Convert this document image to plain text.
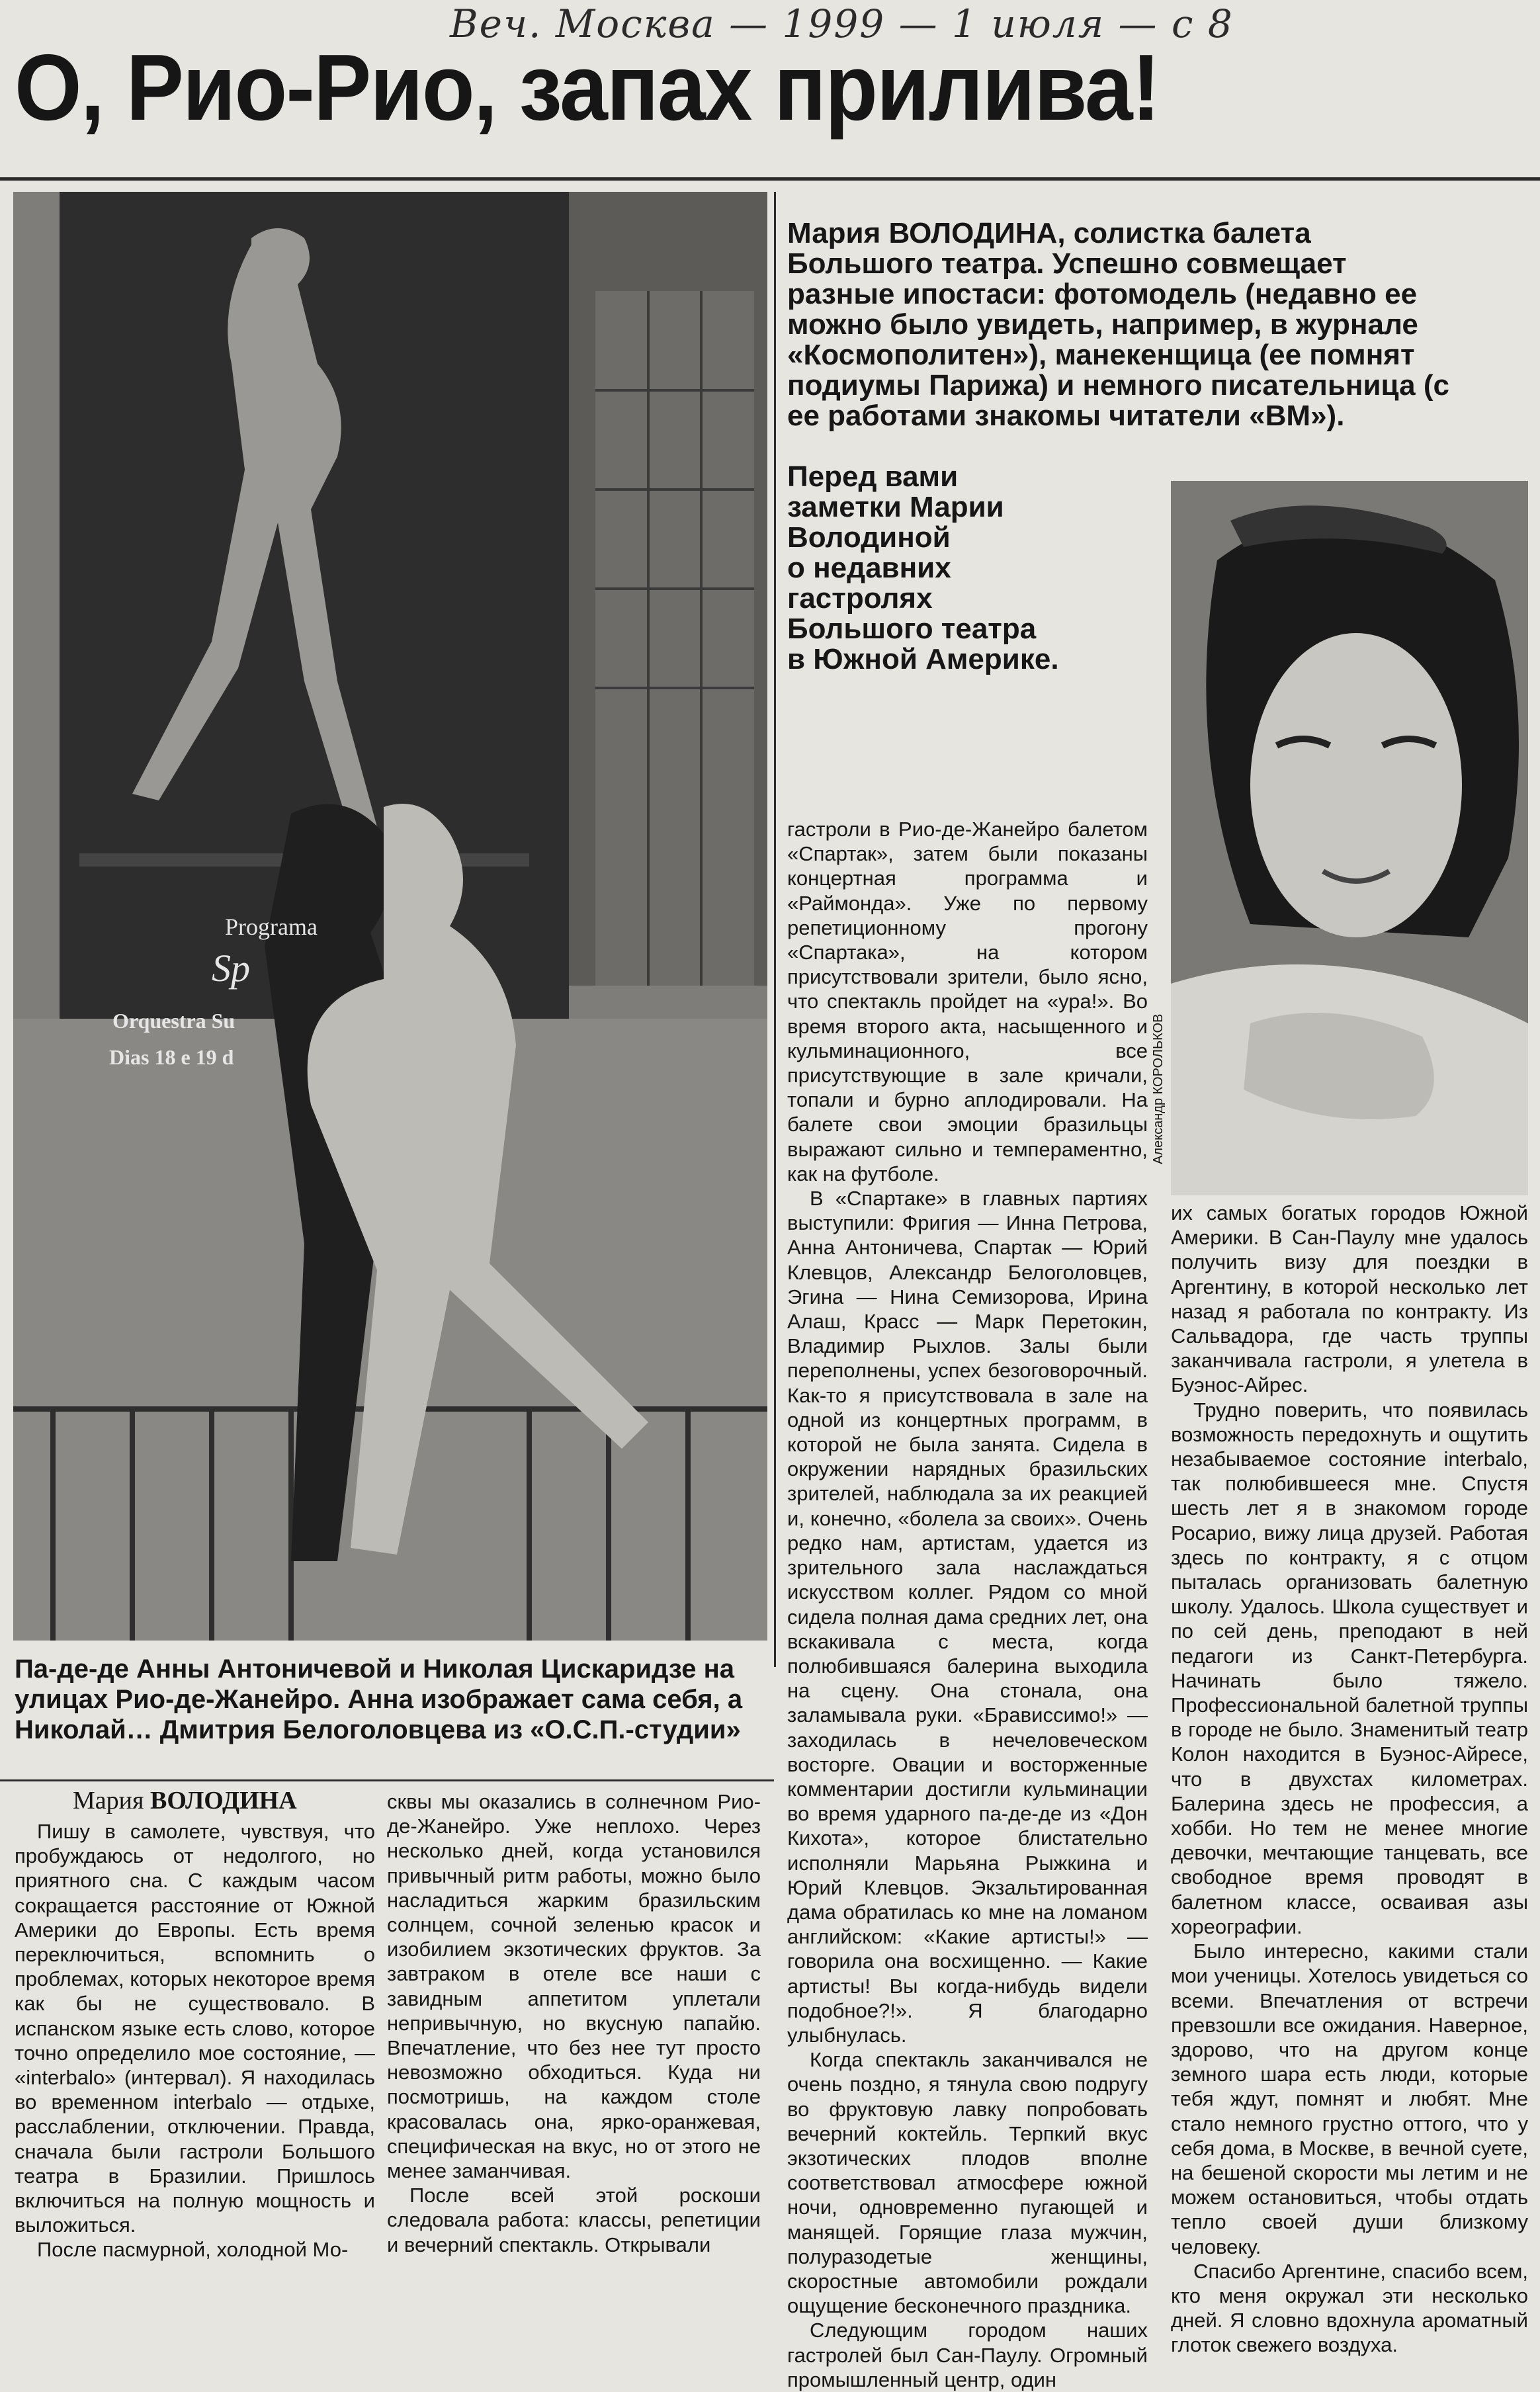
Веч. Москва — 1999 — 1 июля — с 8
О, Рио-Рио, запах прилива!
Programa
Sp
Orquestra Su
Dias 18 e 19 d
Па-де-де Анны Антоничевой и Николая Цискаридзе на улицах Рио-де-Жанейро. Анна изображает сама себя, а Николай… Дмитрия Белоголовцева из «О.С.П.-студии»
Мария ВОЛОДИНА, солистка балета Большого театра. Успешно совмещает разные ипостаси: фотомодель (недавно ее можно было увидеть, например, в журнале «Космополитен»), манекенщица (ее помнят подиумы Парижа) и немного писательница (с ее работами знакомы читатели «ВМ»).

Перед вами

заметки Марии

Володиной

о недавних

гастролях

Большого театра

в Южной Америке.

Александр КОРОЛЬКОВ
Мария ВОЛОДИНА

Пишу в самолете, чувствуя, что пробуждаюсь от недолгого, но приятного сна. С каждым часом сокращается расстояние от Южной Америки до Европы. Есть время переключиться, вспомнить о проблемах, которых некоторое время как бы не существовало. В испанском языке есть слово, которое точно определило мое состояние, — «interbalo» (интервал). Я находилась во временном interbalo — отдыхе, расслаблении, отключении. Правда, сначала были гастроли Большого театра в Бразилии. Пришлось включиться на полную мощность и выложиться.

После пасмурной, холодной Мо-

сквы мы оказались в солнечном Рио-де-Жанейро. Уже неплохо. Через несколько дней, когда установился привычный ритм работы, можно было насладиться жарким бразильским солнцем, сочной зеленью красок и изобилием экзотических фруктов. За завтраком в отеле все наши с завидным аппетитом уплетали непривычную, но вкусную папайю. Впечатление, что без нее тут просто невозможно обходиться. Куда ни посмотришь, на каждом столе красовалась она, ярко-оранжевая, специфическая на вкус, но от этого не менее заманчивая.

После всей этой роскоши следовала работа: классы, репетиции и вечерний спектакль. Открывали

гастроли в Рио-де-Жанейро балетом «Спартак», затем были показаны концертная программа и «Раймонда». Уже по первому репетиционному прогону «Спартака», на котором присутствовали зрители, было ясно, что спектакль пройдет на «ура!». Во время второго акта, насыщенного и кульминационного, все присутствующие в зале кричали, топали и бурно аплодировали. На балете свои эмоции бразильцы выражают сильно и темпераментно, как на футболе.

В «Спартаке» в главных партиях выступили: Фригия — Инна Петрова, Анна Антоничева, Спартак — Юрий Клевцов, Александр Белоголовцев, Эгина — Нина Семизорова, Ирина Алаш, Красс — Марк Перетокин, Владимир Рыхлов. Залы были переполнены, успех безоговорочный. Как-то я присутствовала в зале на одной из концертных программ, в которой не была занята. Сидела в окружении нарядных бразильских зрителей, наблюдала за их реакцией и, конечно, «болела за своих». Очень редко нам, артистам, удается из зрительного зала наслаждаться искусством коллег. Рядом со мной сидела полная дама средних лет, она вскакивала с места, когда полюбившаяся балерина выходила на сцену. Она стонала, она заламывала руки. «Брависсимо!» — заходилась в нечеловеческом восторге. Овации и восторженные комментарии достигли кульминации во время ударного па-де-де из «Дон Кихота», которое блистательно исполняли Марьяна Рыжкина и Юрий Клевцов. Экзальтированная дама обратилась ко мне на ломаном английском: «Какие артисты!» — говорила она восхищенно. — Какие артисты! Вы когда-нибудь видели подобное?!». Я благодарно улыбнулась.

Когда спектакль заканчивался не очень поздно, я тянула свою подругу во фруктовую лавку попробовать вечерний коктейль. Терпкий вкус экзотических плодов вполне соответствовал атмосфере южной ночи, одновременно пугающей и манящей. Горящие глаза мужчин, полуразодетые женщины, скоростные автомобили рождали ощущение бесконечного праздника.

Следующим городом наших гастролей был Сан-Паулу. Огромный промышленный центр, один

их самых богатых городов Южной Америки. В Сан-Паулу мне удалось получить визу для поездки в Аргентину, в которой несколько лет назад я работала по контракту. Из Сальвадора, где часть труппы заканчивала гастроли, я улетела в Буэнос-Айрес.

Трудно поверить, что появилась возможность передохнуть и ощутить незабываемое состояние interbalo, так полюбившееся мне. Спустя шесть лет я в знакомом городе Росарио, вижу лица друзей. Работая здесь по контракту, я с отцом пыталась организовать балетную школу. Удалось. Школа существует и по сей день, преподают в ней педагоги из Санкт-Петербурга. Начинать было тяжело. Профессиональной балетной труппы в городе не было. Знаменитый театр Колон находится в Буэнос-Айресе, что в двухстах километрах. Балерина здесь не профессия, а хобби. Но тем не менее многие девочки, мечтающие танцевать, все свободное время проводят в балетном классе, осваивая азы хореографии.

Было интересно, какими стали мои ученицы. Хотелось увидеться со всеми. Впечатления от встречи превзошли все ожидания. Наверное, здорово, что на другом конце земного шара есть люди, которые тебя ждут, помнят и любят. Мне стало немного грустно оттого, что у себя дома, в Москве, в вечной суете, на бешеной скорости мы летим и не можем остановиться, чтобы отдать тепло своей души близкому человеку.

Спасибо Аргентине, спасибо всем, кто меня окружал эти несколько дней. Я словно вдохнула ароматный глоток свежего воздуха.
